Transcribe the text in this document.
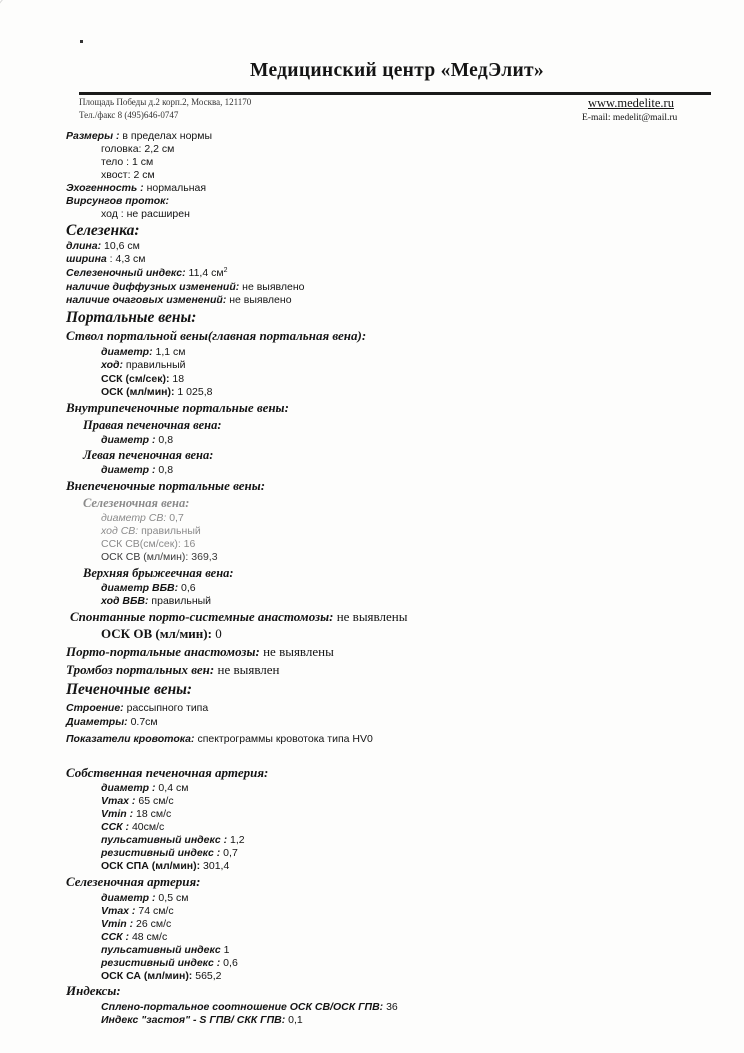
Медицинский центр «МедЭлит»
Площадь Победы д.2 корп.2, Москва, 121170
Тел./факс 8 (495)646-0747
www.medelite.ru
E-mail: medelit@mail.ru
Размеры : в пределах нормы
головка: 2,2 см
тело : 1 см
хвост: 2 см
Эхогенность : нормальная
Вирсунгов проток:
ход : не расширен
Селезенка:
длина: 10,6 см
ширина : 4,3 см
Селезеночный индекс: 11,4 $см^2$
наличие диффузных изменений: не выявлено
наличие очаговых изменений: не выявлено
Портальные вены:
Ствол портальной вены(главная портальная вена):
диаметр: 1,1 см
ход: правильный
ССК (см/сек): 18
ОСК (мл/мин): 1 025,8
Внутрипеченочные портальные вены:
Правая печеночная вена:
диаметр : 0,8
Левая печеночная вена:
диаметр : 0,8
Внепеченочные портальные вены:
Селезеночная вена:
диаметр СВ: 0,7
ход СВ: правильный
ССК СВ(см/сек): 16
ОСК СВ (мл/мин): 369,3
Верхняя брыжеечная вена:
диаметр ВБВ: 0,6
ход ВБВ: правильный
Спонтанные порто-системные анастомозы: не выявлены
ОСК ОВ (мл/мин): 0
Порто-портальные анастомозы: не выявлены
Тромбоз портальных вен: не выявлен
Печеночные вены:
Строение: рассыпного типа
Диаметры: 0.7см
Показатели кровотока: спектрограммы кровотока типа HV0
Собственная печеночная артерия:
диаметр : 0,4 см
Vmax : 65 см/с
Vmin : 18 см/с
ССК : 40см/с
пульсативный индекс : 1,2
резистивный индекс : 0,7
ОСК СПА (мл/мин): 301,4
Селезеночная артерия:
диаметр : 0,5 см
Vmax : 74 см/с
Vmin : 26 см/с
ССК : 48 см/с
пульсативный индекс 1
резистивный индекс : 0,6
ОСК СА (мл/мин): 565,2
Индексы:
Сплено-портальное соотношение ОСК СВ/ОСК ГПВ: 36
Индекс "застоя" - S ГПВ/ СКК ГПВ: 0,1
